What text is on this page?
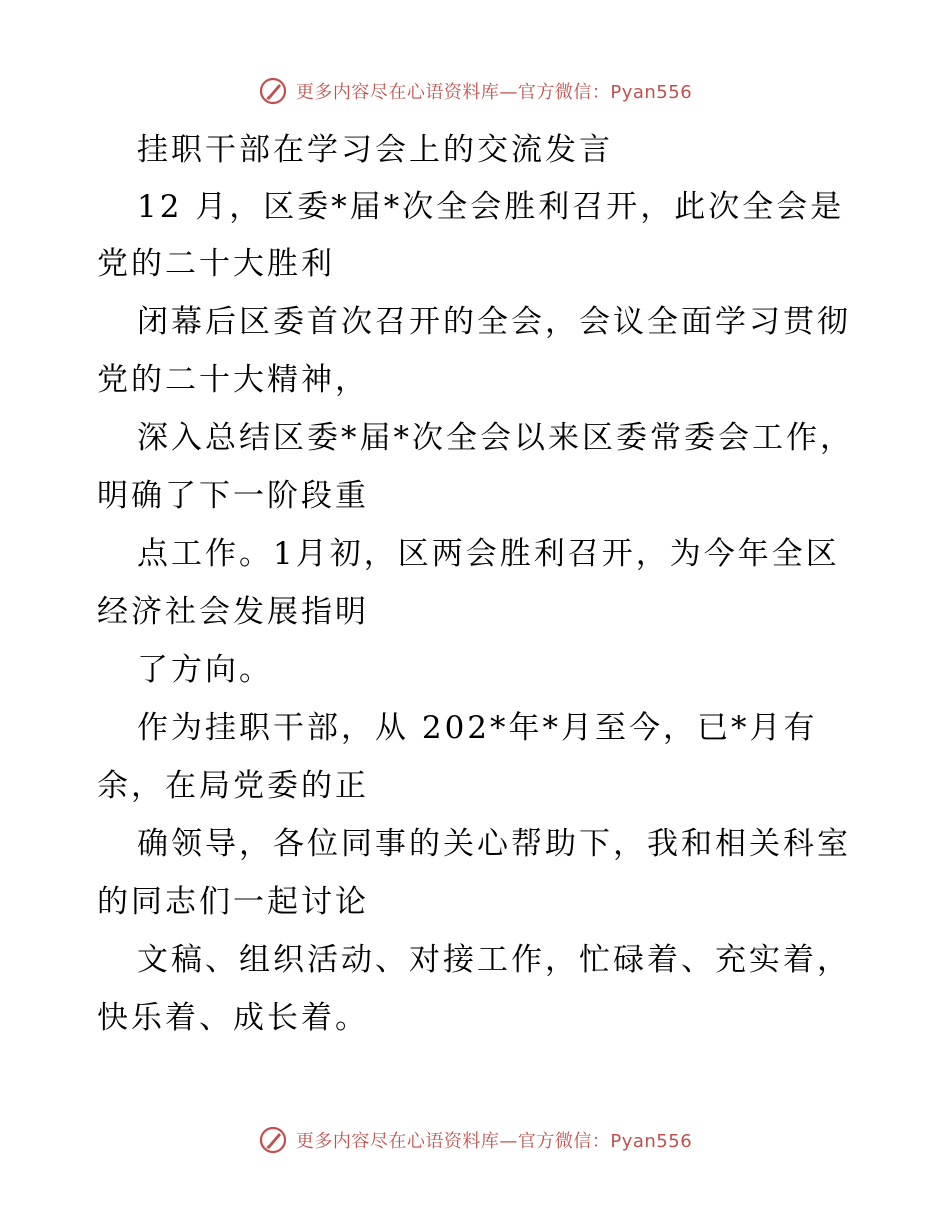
更多内容尽在心语资料库—官方微信：Pyan556
挂职干部在学习会上的交流发言
12 月，区委*届*次全会胜利召开，此次全会是
党的二十大胜利
闭幕后区委首次召开的全会，会议全面学习贯彻
党的二十大精神，
深入总结区委*届*次全会以来区委常委会工作，
明确了下一阶段重
点工作。1月初，区两会胜利召开，为今年全区
经济社会发展指明
了方向。
作为挂职干部，从 202*年*月至今，已*月有
余，在局党委的正
确领导，各位同事的关心帮助下，我和相关科室
的同志们一起讨论
文稿、组织活动、对接工作，忙碌着、充实着，
快乐着、成长着。
更多内容尽在心语资料库—官方微信：Pyan556
